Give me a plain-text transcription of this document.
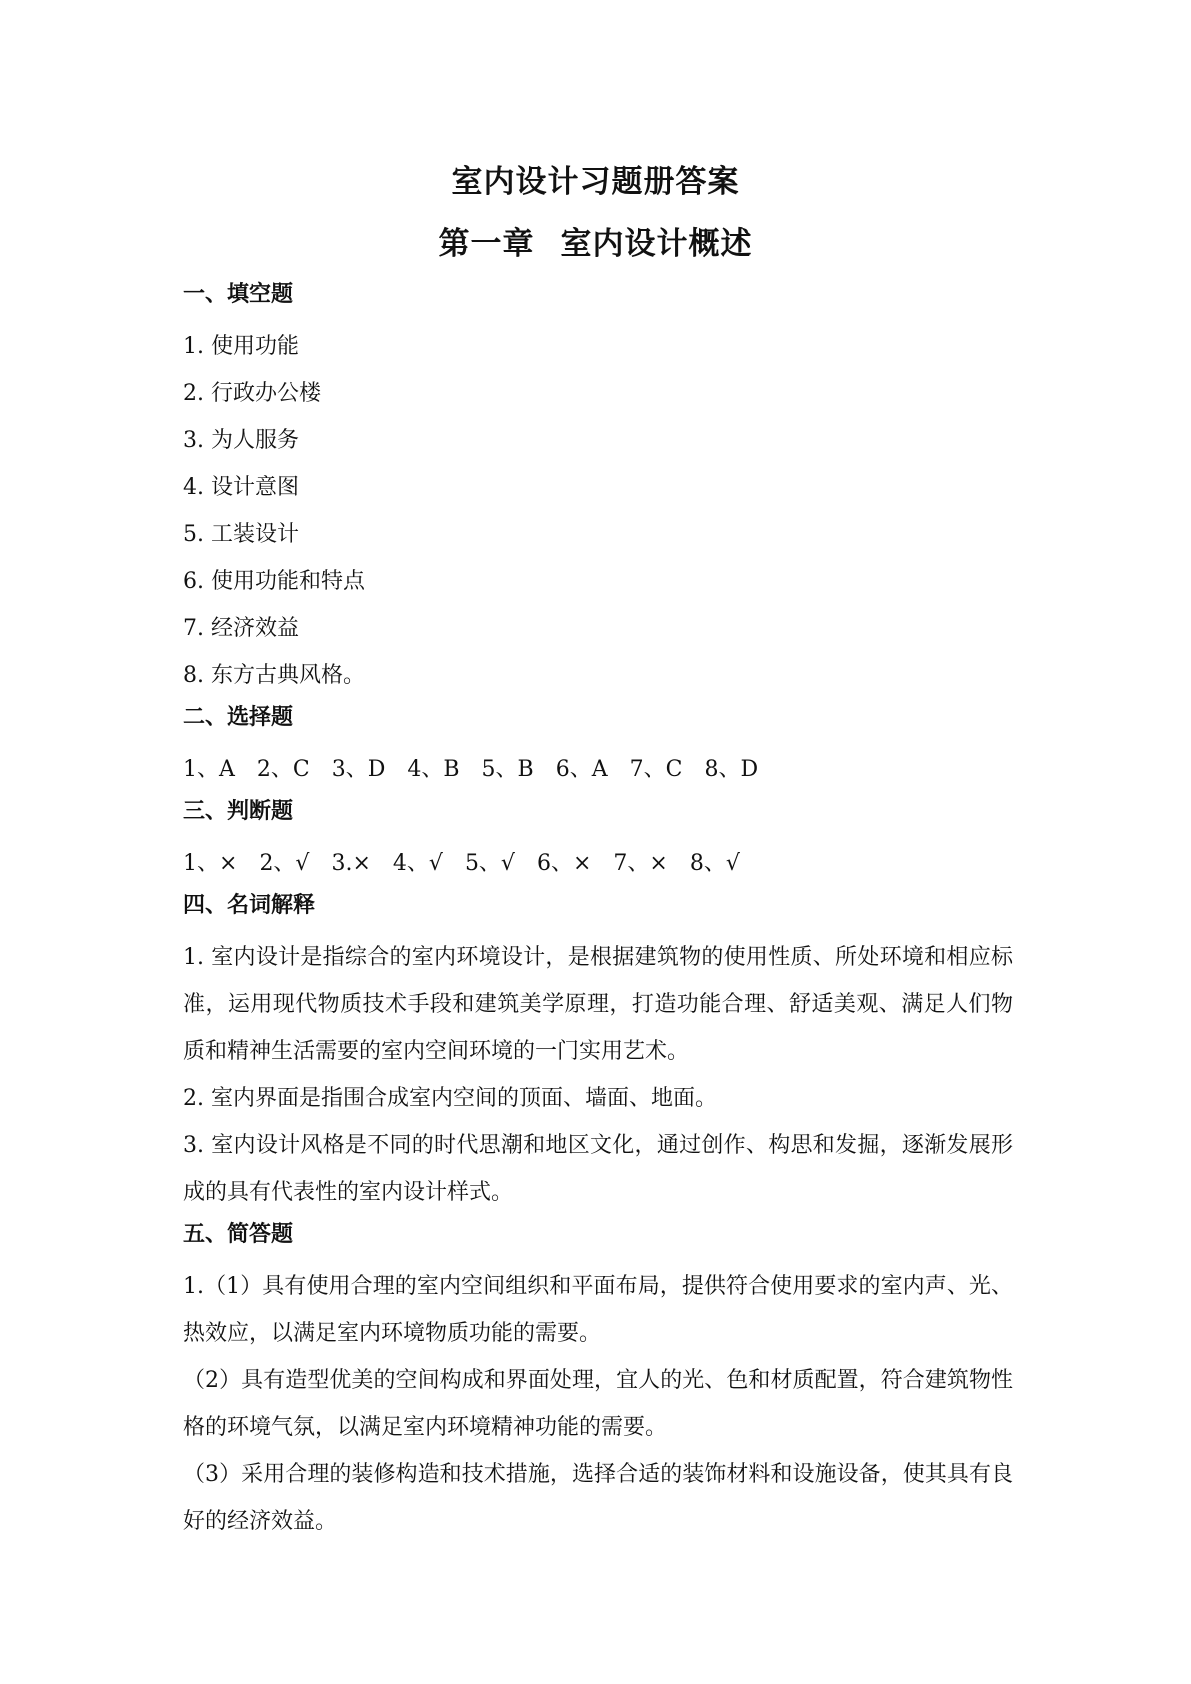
室内设计习题册答案
第一章 室内设计概述
一、填空题
1. 使用功能
2. 行政办公楼
3. 为人服务
4. 设计意图
5. 工装设计
6. 使用功能和特点
7. 经济效益
8. 东方古典风格。
二、选择题
1、A 2、C 3、D 4、B 5、B 6、A 7、C 8、D
三、判断题
1、× 2、√ 3.× 4、√ 5、√ 6、× 7、× 8、√
四、名词解释
1. 室内设计是指综合的室内环境设计，是根据建筑物的使用性质、所处环境和相应标准，运用现代物质技术手段和建筑美学原理，打造功能合理、舒适美观、满足人们物质和精神生活需要的室内空间环境的一门实用艺术。
2. 室内界面是指围合成室内空间的顶面、墙面、地面。
3. 室内设计风格是不同的时代思潮和地区文化，通过创作、构思和发掘，逐渐发展形成的具有代表性的室内设计样式。
五、简答题
1.（1）具有使用合理的室内空间组织和平面布局，提供符合使用要求的室内声、光、热效应，以满足室内环境物质功能的需要。
（2）具有造型优美的空间构成和界面处理，宜人的光、色和材质配置，符合建筑物性格的环境气氛，以满足室内环境精神功能的需要。
（3）采用合理的装修构造和技术措施，选择合适的装饰材料和设施设备，使其具有良好的经济效益。
